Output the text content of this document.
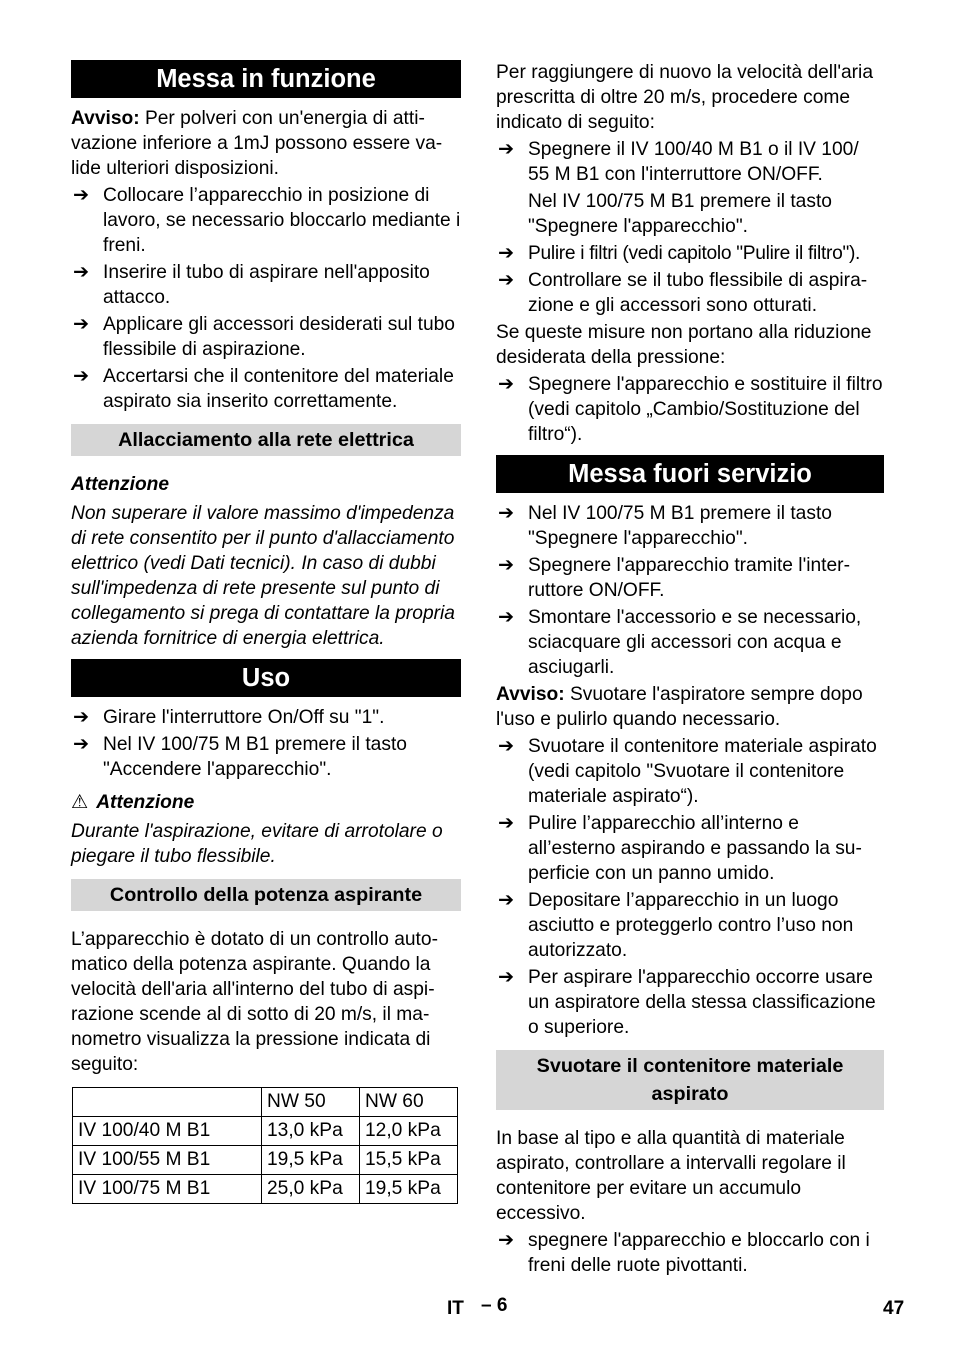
Messa in funzione

Avviso: Per polveri con un'energia di attivazione inferiore a 1mJ possono essere valide ulteriori disposizioni.

➔ Collocare l’apparecchio in posizione di lavoro, se necessario bloccarlo mediante i freni.
➔ Inserire il tubo di aspirare nell'apposito attacco.
➔ Applicare gli accessori desiderati sul tubo flessibile di aspirazione.
➔ Accertarsi che il contenitore del materiale aspirato sia inserito correttamente.
Allacciamento alla rete elettrica
Attenzione
Non superare il valore massimo d'impedenza di rete consentito per il punto d'allacciamento elettrico (vedi Dati tecnici). In caso di dubbi sull'impedenza di rete presente sul punto di collegamento si prega di contattare la propria azienda fornitrice di energia elettrica.
Uso
➔ Girare l'interruttore On/Off su "1".
➔ Nel IV 100/75 M B1 premere il tasto "Accendere l'apparecchio".
⚠ Attenzione
Durante l'aspirazione, evitare di arrotolare o piegare il tubo flessibile.
Controllo della potenza aspirante

L’apparecchio è dotato di un controllo automatico della potenza aspirante. Quando la velocità dell'aria all'interno del tubo di aspirazione scende al di sotto di 20 m/s, il manometro visualizza la pressione indicata di seguito:

	NW 50	NW 60
IV 100/40 M B1	13,0 kPa	12,0 kPa
IV 100/55 M B1	19,5 kPa	15,5 kPa
IV 100/75 M B1	25,0 kPa	19,5 kPa

Per raggiungere di nuovo la velocità dell'aria prescritta di oltre 20 m/s, procedere come indicato di seguito:

➔ Spegnere il IV 100/40 M B1 o il IV 100/ 55 M B1 con l'interruttore ON/OFF.
Nel IV 100/75 M B1 premere il tasto "Spegnere l'apparecchio".
➔ Pulire i filtri (vedi capitolo "Pulire il filtro").
➔ Controllare se il tubo flessibile di aspirazione e gli accessori sono otturati.

Se queste misure non portano alla riduzione desiderata della pressione:

➔ Spegnere l'apparecchio e sostituire il filtro (vedi capitolo „Cambio/Sostituzione del filtro“).
Messa fuori servizio
➔ Nel IV 100/75 M B1 premere il tasto "Spegnere l'apparecchio".
➔ Spegnere l'apparecchio tramite l'interruttore ON/OFF.
➔ Smontare l'accessorio e se necessario, sciacquare gli accessori con acqua e asciugarli.

Avviso: Svuotare l'aspiratore sempre dopo l'uso e pulirlo quando necessario.

➔ Svuotare il contenitore materiale aspirato (vedi capitolo "Svuotare il contenitore materiale aspirato“).
➔ Pulire l’apparecchio all’interno e all’esterno aspirando e passando la superficie con un panno umido.
➔ Depositare l’apparecchio in un luogo asciutto e proteggerlo contro l’uso non autorizzato.
➔ Per aspirare l'apparecchio occorre usare un aspiratore della stessa classificazione o superiore.
Svuotare il contenitore materiale aspirato

In base al tipo e alla quantità di materiale aspirato, controllare a intervalli regolare il contenitore per evitare un accumulo eccessivo.

➔ spegnere l'apparecchio e bloccarlo con i freni delle ruote pivottanti.
IT – 6	47
